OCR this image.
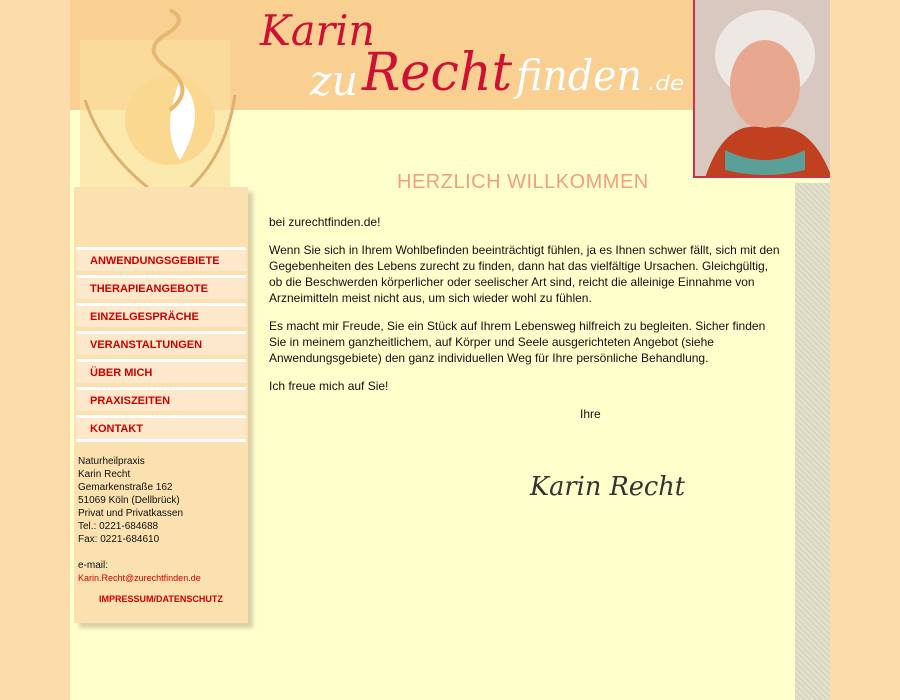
Karin
zu Recht finden .de
ANWENDUNGSGEBIETE
THERAPIEANGEBOTE
EINZELGESPRÄCHE
VERANSTALTUNGEN
ÜBER MICH
PRAXISZEITEN
KONTAKT
Naturheilpraxis
Karin Recht
Gemarkenstraße 162
51069 Köln (Dellbrück)
Privat und Privatkassen
Tel.: 0221-684688
Fax: 0221-684610
e-mail:
Karin.Recht@zurechtfinden.de
IMPRESSUM/DATENSCHUTZ
HERZLICH WILLKOMMEN

bei zurechtfinden.de!

Wenn Sie sich in Ihrem Wohlbefinden beeinträchtigt fühlen, ja es Ihnen schwer fällt, sich mit den Gegebenheiten des Lebens zurecht zu finden, dann hat das vielfältige Ursachen. Gleichgültig, ob die Beschwerden körperlicher oder seelischer Art sind, reicht die alleinige Einnahme von Arzneimitteln meist nicht aus, um sich wieder wohl zu fühlen.

Es macht mir Freude, Sie ein Stück auf Ihrem Lebensweg hilfreich zu begleiten. Sicher finden Sie in meinem ganzheitlichem, auf Körper und Seele ausgerichteten Angebot (siehe Anwendungsgebiete) den ganz individuellen Weg für Ihre persönliche Behandlung.

Ich freue mich auf Sie!

Ihre
Karin Recht
